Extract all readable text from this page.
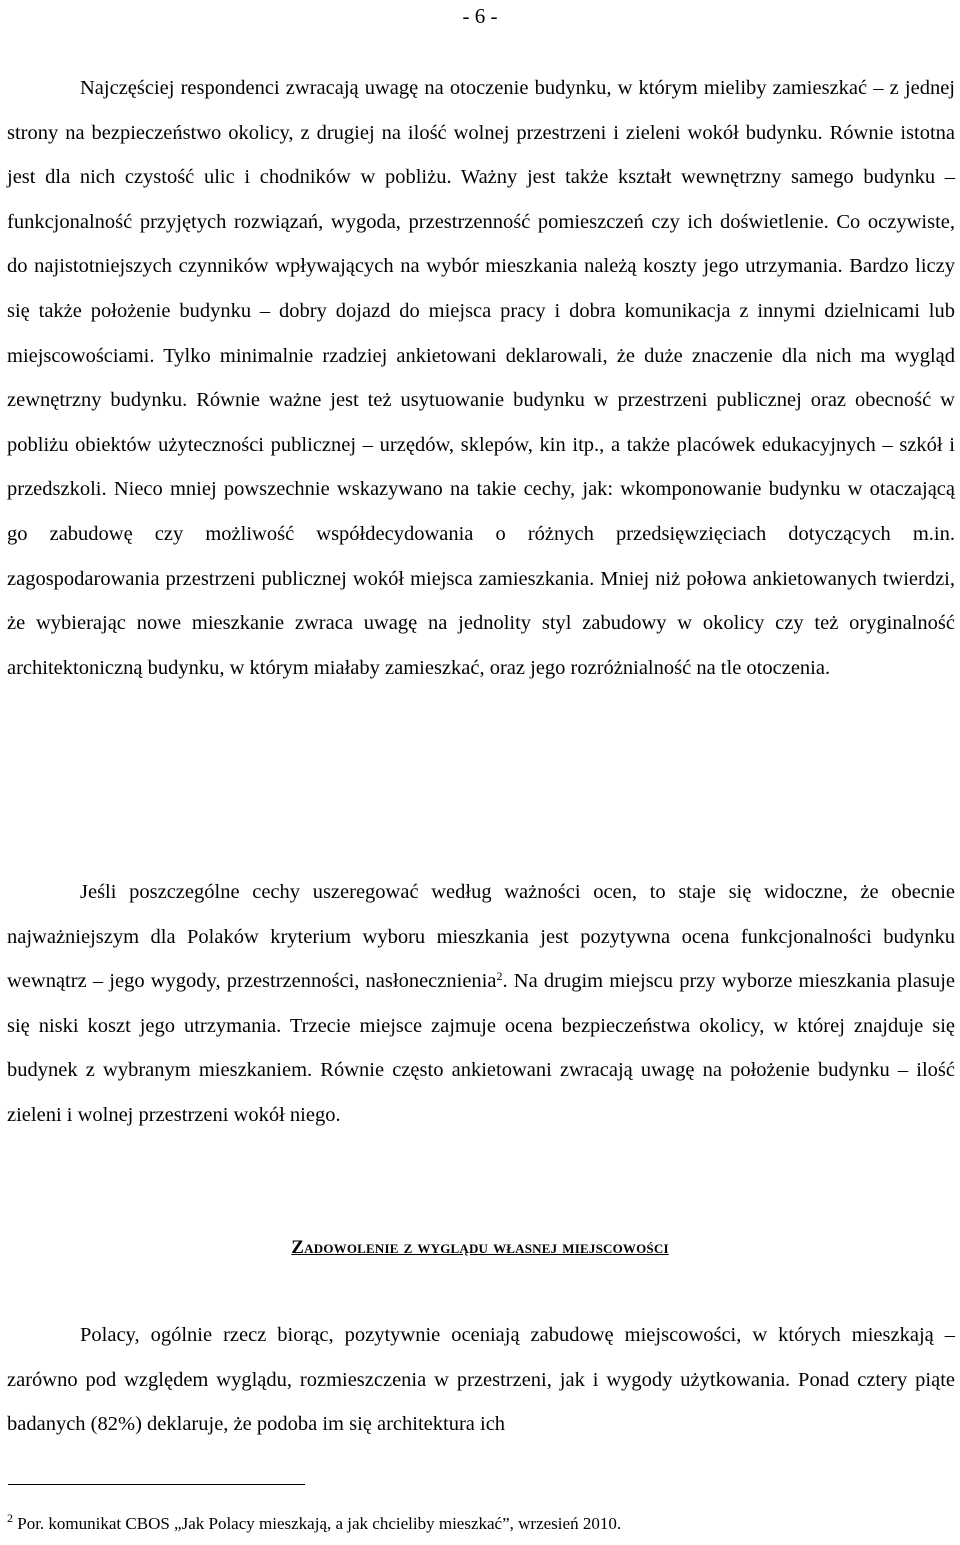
- 6 -

Najczęściej respondenci zwracają uwagę na otoczenie budynku, w którym mieliby zamieszkać – z jednej strony na bezpieczeństwo okolicy, z drugiej na ilość wolnej przestrzeni i zieleni wokół budynku. Równie istotna jest dla nich czystość ulic i chodników w pobliżu. Ważny jest także kształt wewnętrzny samego budynku – funkcjonalność przyjętych rozwiązań, wygoda, przestrzenność pomieszczeń czy ich doświetlenie. Co oczywiste, do najistotniejszych czynników wpływających na wybór mieszkania należą koszty jego utrzymania. Bardzo liczy się także położenie budynku – dobry dojazd do miejsca pracy i dobra komunikacja z innymi dzielnicami lub miejscowościami. Tylko minimalnie rzadziej ankietowani deklarowali, że duże znaczenie dla nich ma wygląd zewnętrzny budynku. Równie ważne jest też usytuowanie budynku w przestrzeni publicznej oraz obecność w pobliżu obiektów użyteczności publicznej – urzędów, sklepów, kin itp., a także placówek edukacyjnych – szkół i przedszkoli. Nieco mniej powszechnie wskazywano na takie cechy, jak: wkomponowanie budynku w otaczającą go zabudowę czy możliwość współdecydowania o różnych przedsięwzięciach dotyczących m.in. zagospodarowania przestrzeni publicznej wokół miejsca zamieszkania. Mniej niż połowa ankietowanych twierdzi, że wybierając nowe mieszkanie zwraca uwagę na jednolity styl zabudowy w okolicy czy też oryginalność architektoniczną budynku, w którym miałaby zamieszkać, oraz jego rozróżnialność na tle otoczenia.

Jeśli poszczególne cechy uszeregować według ważności ocen, to staje się widoczne, że obecnie najważniejszym dla Polaków kryterium wyboru mieszkania jest pozytywna ocena funkcjonalności budynku wewnątrz – jego wygody, przestrzenności, nasłonecznienia$^2$. Na drugim miejscu przy wyborze mieszkania plasuje się niski koszt jego utrzymania. Trzecie miejsce zajmuje ocena bezpieczeństwa okolicy, w której znajduje się budynek z wybranym mieszkaniem. Równie często ankietowani zwracają uwagę na położenie budynku – ilość zieleni i wolnej przestrzeni wokół niego.

Zadowolenie z wyglądu własnej miejscowości

Polacy, ogólnie rzecz biorąc, pozytywnie oceniają zabudowę miejscowości, w których mieszkają – zarówno pod względem wyglądu, rozmieszczenia w przestrzeni, jak i wygody użytkowania. Ponad cztery piąte badanych (82%) deklaruje, że podoba im się architektura ich

$^2$ Por. komunikat CBOS „Jak Polacy mieszkają, a jak chcieliby mieszkać”, wrzesień 2010.
